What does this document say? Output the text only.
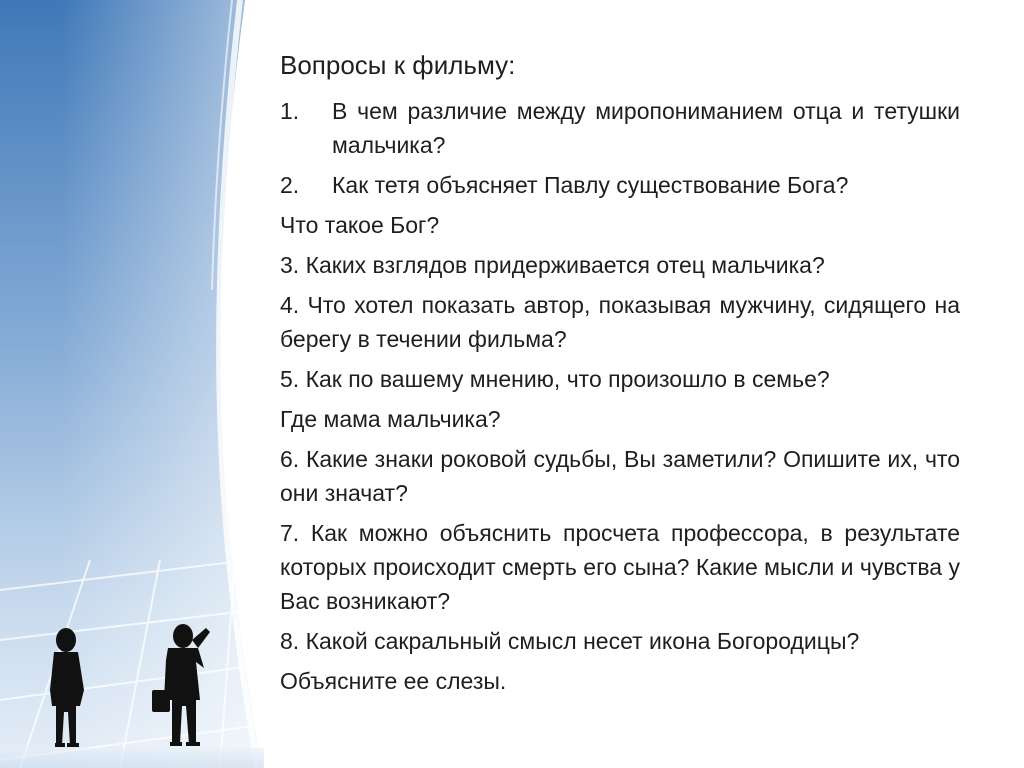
Вопросы к фильму:

1.	В чем различие между миропониманием отца и тетушки мальчика?
2.	Как тетя объясняет Павлу существование Бога?

Что такое Бог?

3. Каких взглядов придерживается отец мальчика?

4. Что хотел показать автор, показывая мужчину, сидящего на берегу в течении фильма?

5. Как по вашему мнению, что произошло в семье?

Где мама мальчика?

6. Какие знаки роковой судьбы, Вы заметили? Опишите их, что они значат?

7. Как можно объяснить просчета профессора, в результате которых происходит смерть его сына? Какие мысли и чувства у Вас возникают?

8. Какой сакральный смысл несет икона Богородицы?

Объясните ее слезы.
